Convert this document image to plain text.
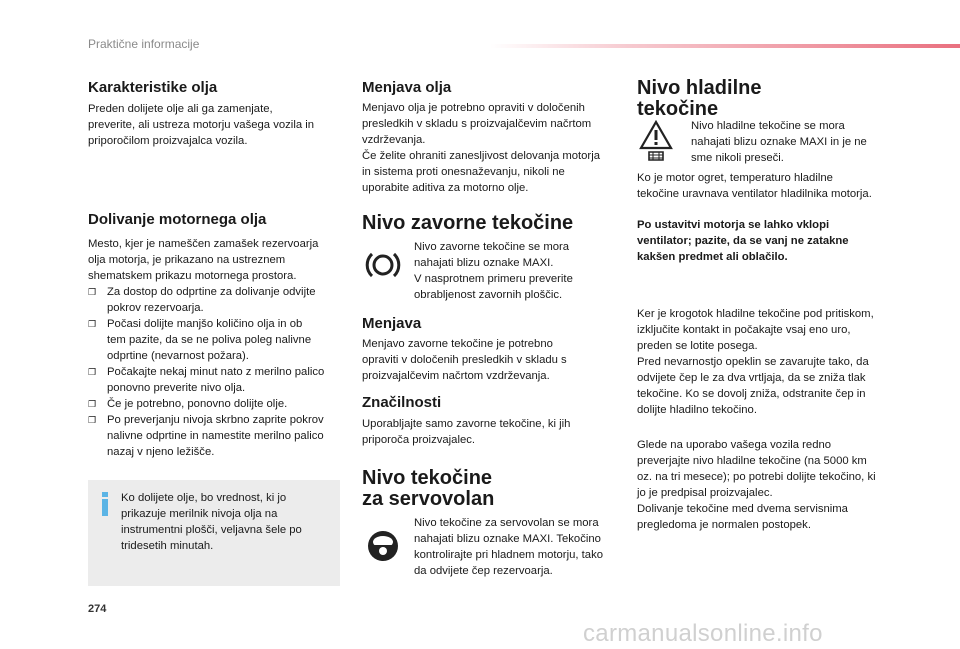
Praktične informacije
Karakteristike olja

Preden dolijete olje ali ga zamenjate,
preverite, ali ustreza motorju vašega vozila in
priporočilom proizvajalca vozila.

Dolivanje motornega olja

Mesto, kjer je nameščen zamašek rezervoarja
olja motorja, je prikazano na ustreznem
shematskem prikazu motornega prostora.

❒ Za dostop do odprtine za dolivanje odvijte
pokrov rezervoarja.
❒ Počasi dolijte manjšo količino olja in ob
tem pazite, da se ne poliva poleg nalivne
odprtine (nevarnost požara).
❒ Počakajte nekaj minut nato z merilno palico
ponovno preverite nivo olja.
❒ Če je potrebno, ponovno dolijte olje.
❒ Po preverjanju nivoja skrbno zaprite pokrov
nalivne odprtine in namestite merilno palico
nazaj v njeno ležišče.

Ko dolijete olje, bo vrednost, ki jo
prikazuje merilnik nivoja olja na
instrumentni plošči, veljavna šele po
tridesetih minutah.

Menjava olja

Menjavo olja je potrebno opraviti v določenih
presledkih v skladu s proizvajalčevim načrtom
vzdrževanja.
Če želite ohraniti zanesljivost delovanja motorja
in sistema proti onesnaževanju, nikoli ne
uporabite aditiva za motorno olje.

Nivo zavorne tekočine

Nivo zavorne tekočine se mora
nahajati blizu oznake MAXI.
V nasprotnem primeru preverite
obrabljenost zavornih ploščic.

Menjava

Menjavo zavorne tekočine je potrebno
opraviti v določenih presledkih v skladu s
proizvajalčevim načrtom vzdrževanja.

Značilnosti

Uporabljajte samo zavorne tekočine, ki jih
priporoča proizvajalec.

Nivo tekočine
za servovolan

Nivo tekočine za servovolan se mora
nahajati blizu oznake MAXI. Tekočino
kontrolirajte pri hladnem motorju, tako
da odvijete čep rezervoarja.

Nivo hladilne
tekočine

Nivo hladilne tekočine se mora
nahajati blizu oznake MAXI in je ne
sme nikoli preseči.

Ko je motor ogret, temperaturo hladilne
tekočine uravnava ventilator hladilnika motorja.

Po ustavitvi motorja se lahko vklopi
ventilator; pazite, da se vanj ne zatakne
kakšen predmet ali oblačilo.

Ker je krogotok hladilne tekočine pod pritiskom,
izključite kontakt in počakajte vsaj eno uro,
preden se lotite posega.
Pred nevarnostjo opeklin se zavarujte tako, da
odvijete čep le za dva vrtljaja, da se zniža tlak
tekočine. Ko se dovolj zniža, odstranite čep in
dolijte hladilno tekočino.

Glede na uporabo vašega vozila redno
preverjajte nivo hladilne tekočine (na 5000 km
oz. na tri mesece); po potrebi dolijte tekočino, ki
jo je predpisal proizvajalec.
Dolivanje tekočine med dvema servisnima
pregledoma je normalen postopek.

274
carmanualsonline.info
